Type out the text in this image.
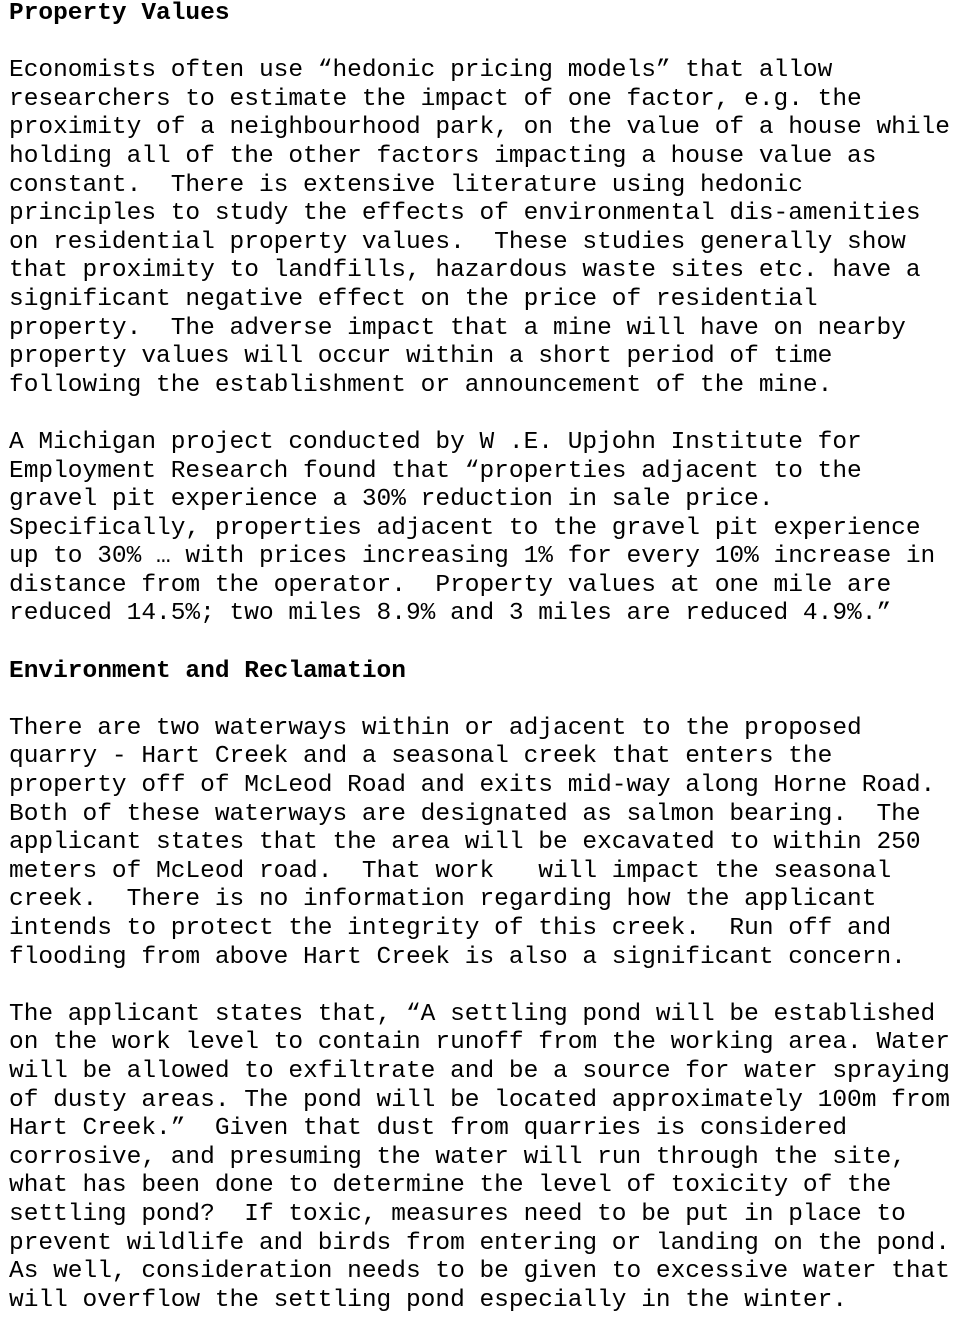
Property Values
Economists often use “hedonic pricing models” that allow
researchers to estimate the impact of one factor, e.g. the
proximity of a neighbourhood park, on the value of a house while
holding all of the other factors impacting a house value as
constant.  There is extensive literature using hedonic
principles to study the effects of environmental dis-amenities
on residential property values.  These studies generally show
that proximity to landfills, hazardous waste sites etc. have a
significant negative effect on the price of residential
property.  The adverse impact that a mine will have on nearby
property values will occur within a short period of time
following the establishment or announcement of the mine.
A Michigan project conducted by W .E. Upjohn Institute for
Employment Research found that “properties adjacent to the
gravel pit experience a 30% reduction in sale price.
Specifically, properties adjacent to the gravel pit experience
up to 30% … with prices increasing 1% for every 10% increase in
distance from the operator.  Property values at one mile are
reduced 14.5%; two miles 8.9% and 3 miles are reduced 4.9%.”
Environment and Reclamation
There are two waterways within or adjacent to the proposed
quarry - Hart Creek and a seasonal creek that enters the
property off of McLeod Road and exits mid-way along Horne Road.
Both of these waterways are designated as salmon bearing.  The
applicant states that the area will be excavated to within 250
meters of McLeod road.  That work   will impact the seasonal
creek.  There is no information regarding how the applicant
intends to protect the integrity of this creek.  Run off and
flooding from above Hart Creek is also a significant concern.
The applicant states that, “A settling pond will be established
on the work level to contain runoff from the working area. Water
will be allowed to exfiltrate and be a source for water spraying
of dusty areas. The pond will be located approximately 100m from
Hart Creek.”  Given that dust from quarries is considered
corrosive, and presuming the water will run through the site,
what has been done to determine the level of toxicity of the
settling pond?  If toxic, measures need to be put in place to
prevent wildlife and birds from entering or landing on the pond.
As well, consideration needs to be given to excessive water that
will overflow the settling pond especially in the winter.
